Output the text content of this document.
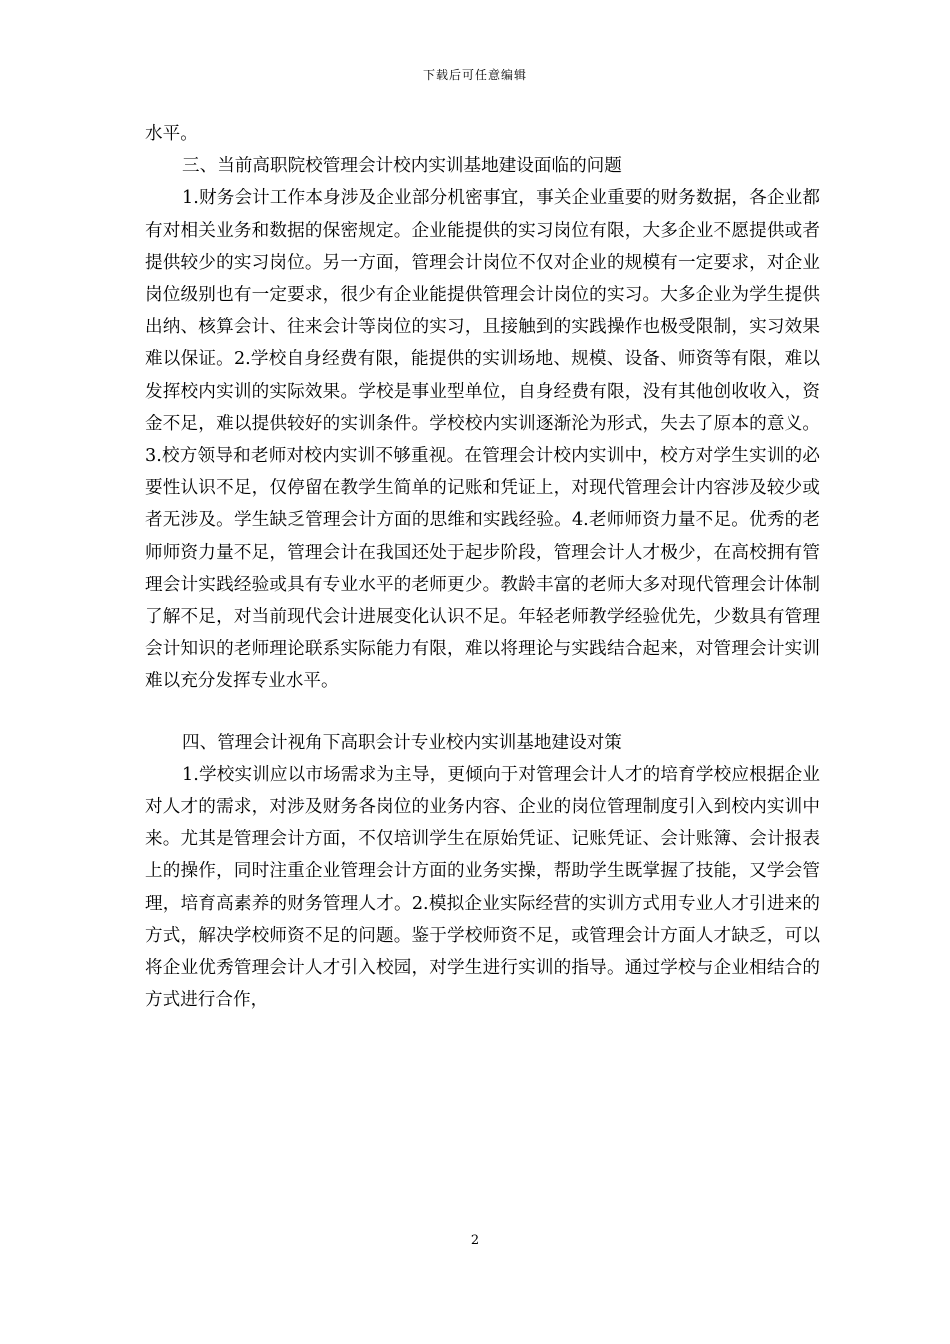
下载后可任意编辑

水平。

三、当前高职院校管理会计校内实训基地建设面临的问题

1.财务会计工作本身涉及企业部分机密事宜，事关企业重要的财务数据，各企业都有对相关业务和数据的保密规定。企业能提供的实习岗位有限，大多企业不愿提供或者提供较少的实习岗位。另一方面，管理会计岗位不仅对企业的规模有一定要求，对企业岗位级别也有一定要求，很少有企业能提供管理会计岗位的实习。大多企业为学生提供出纳、核算会计、往来会计等岗位的实习，且接触到的实践操作也极受限制，实习效果难以保证。2.学校自身经费有限，能提供的实训场地、规模、设备、师资等有限，难以发挥校内实训的实际效果。学校是事业型单位，自身经费有限，没有其他创收收入，资金不足，难以提供较好的实训条件。学校校内实训逐渐沦为形式，失去了原本的意义。3.校方领导和老师对校内实训不够重视。在管理会计校内实训中，校方对学生实训的必要性认识不足，仅停留在教学生简单的记账和凭证上，对现代管理会计内容涉及较少或者无涉及。学生缺乏管理会计方面的思维和实践经验。4.老师师资力量不足。优秀的老师师资力量不足，管理会计在我国还处于起步阶段，管理会计人才极少，在高校拥有管理会计实践经验或具有专业水平的老师更少。教龄丰富的老师大多对现代管理会计体制了解不足，对当前现代会计进展变化认识不足。年轻老师教学经验优先，少数具有管理会计知识的老师理论联系实际能力有限，难以将理论与实践结合起来，对管理会计实训难以充分发挥专业水平。

四、管理会计视角下高职会计专业校内实训基地建设对策

1.学校实训应以市场需求为主导，更倾向于对管理会计人才的培育学校应根据企业对人才的需求，对涉及财务各岗位的业务内容、企业的岗位管理制度引入到校内实训中来。尤其是管理会计方面，不仅培训学生在原始凭证、记账凭证、会计账簿、会计报表上的操作，同时注重企业管理会计方面的业务实操，帮助学生既掌握了技能，又学会管理，培育高素养的财务管理人才。2.模拟企业实际经营的实训方式用专业人才引进来的方式，解决学校师资不足的问题。鉴于学校师资不足，或管理会计方面人才缺乏，可以将企业优秀管理会计人才引入校园，对学生进行实训的指导。通过学校与企业相结合的方式进行合作，

2
